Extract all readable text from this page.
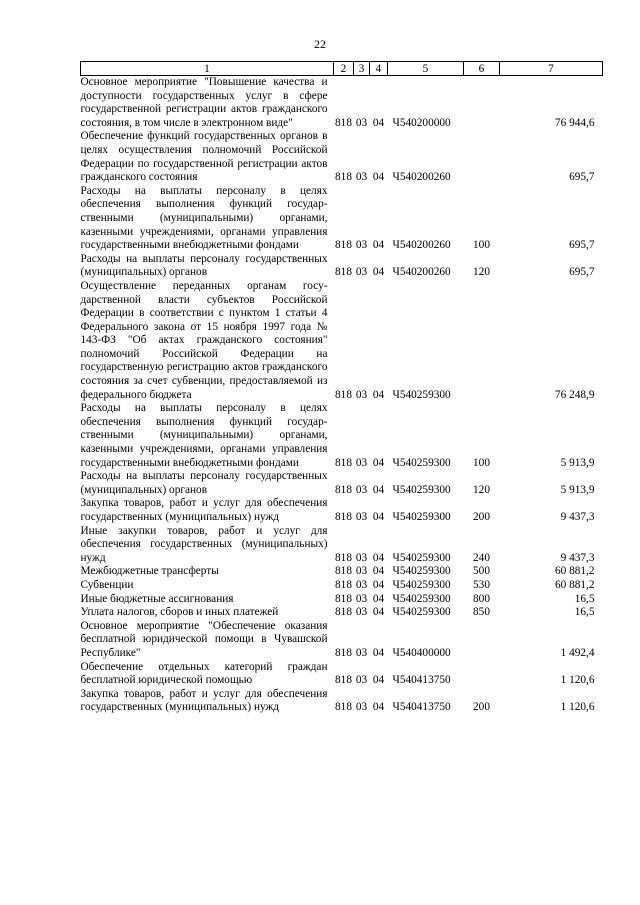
22
1	2	3	4	5	6	7
Основное мероприятие "Повышение качества и доступности государственных услуг в сфере государственной регистрации актов гражданского состояния, в том числе в электронном виде"	818	03	04	Ч540200000		76 944,6
Обеспечение функций государственных органов в целях осуществления полномочий Российской Федерации по государственной регистрации актов гражданского состояния	818	03	04	Ч540200260		695,7
Расходы на выплаты персоналу в целях обеспечения выполнения функций государственными (муниципальными) органами, казенными учреждениями, органами управления государственными внебюджетными фондами	818	03	04	Ч540200260	100	695,7
Расходы на выплаты персоналу государственных (муниципальных) органов	818	03	04	Ч540200260	120	695,7
Осуществление переданных органам государственной власти субъектов Российской Федерации в соответствии с пунктом 1 статьи 4 Федерального закона от 15 ноября 1997 года № 143-ФЗ "Об актах гражданского состояния" полномочий Российской Федерации на государственную регистрацию актов гражданского состояния за счет субвенции, предоставляемой из федерального бюджета	818	03	04	Ч540259300		76 248,9
Расходы на выплаты персоналу в целях обеспечения выполнения функций государственными (муниципальными) органами, казенными учреждениями, органами управления государственными внебюджетными фондами	818	03	04	Ч540259300	100	5 913,9
Расходы на выплаты персоналу государственных (муниципальных) органов	818	03	04	Ч540259300	120	5 913,9
Закупка товаров, работ и услуг для обеспечения государственных (муниципальных) нужд	818	03	04	Ч540259300	200	9 437,3
Иные закупки товаров, работ и услуг для обеспечения государственных (муниципальных) нужд	818	03	04	Ч540259300	240	9 437,3
Межбюджетные трансферты	818	03	04	Ч540259300	500	60 881,2
Субвенции	818	03	04	Ч540259300	530	60 881,2
Иные бюджетные ассигнования	818	03	04	Ч540259300	800	16,5
Уплата налогов, сборов и иных платежей	818	03	04	Ч540259300	850	16,5
Основное мероприятие "Обеспечение оказания бесплатной юридической помощи в Чувашской Республике"	818	03	04	Ч540400000		1 492,4
Обеспечение отдельных категорий граждан бесплатной юридической помощью	818	03	04	Ч540413750		1 120,6
Закупка товаров, работ и услуг для обеспечения государственных (муниципальных) нужд	818	03	04	Ч540413750	200	1 120,6
